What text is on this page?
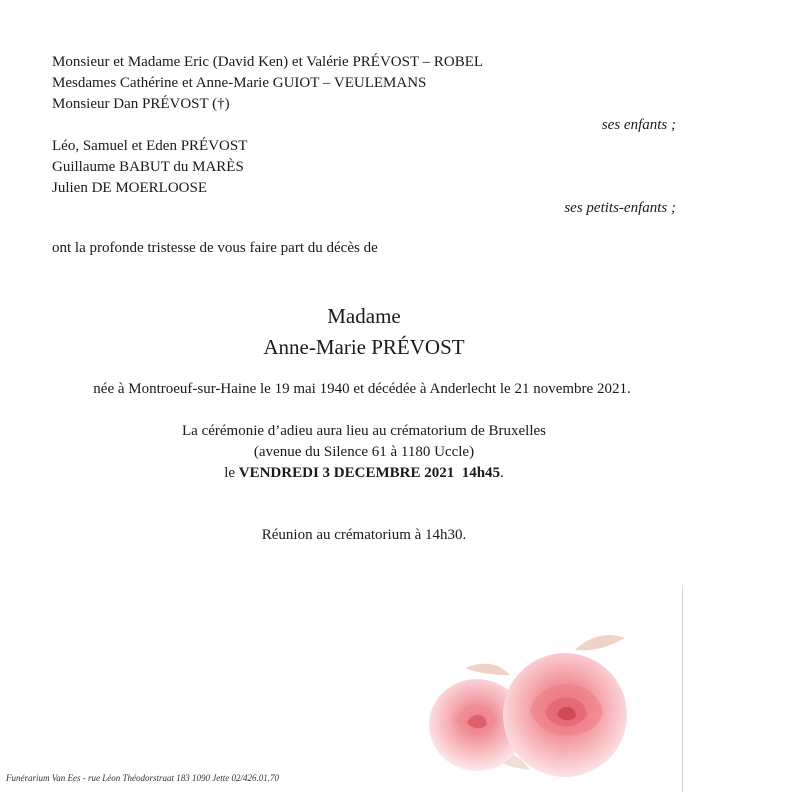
Monsieur et Madame Eric (David Ken) et Valérie PRÉVOST – ROBEL
Mesdames Cathérine et Anne-Marie GUIOT – VEULEMANS
Monsieur Dan PRÉVOST (†)
ses enfants ;
Léo, Samuel et Eden PRÉVOST
Guillaume BABUT du MARÈS
Julien DE MOERLOOSE
ses petits-enfants ;
ont la profonde tristesse de vous faire part du décès de
Madame
Anne-Marie PRÉVOST
née à Montroeuf-sur-Haine le 19 mai 1940 et décédée à Anderlecht le 21 novembre 2021.
La cérémonie d’adieu aura lieu au crématorium de Bruxelles
(avenue du Silence 61 à 1180 Uccle)
le VENDREDI 3 DECEMBRE 2021  14h45.
Réunion au crématorium à 14h30.
Funérarium Van Ees - rue Léon Théodorstraat 183 1090 Jette 02/426.01.70
